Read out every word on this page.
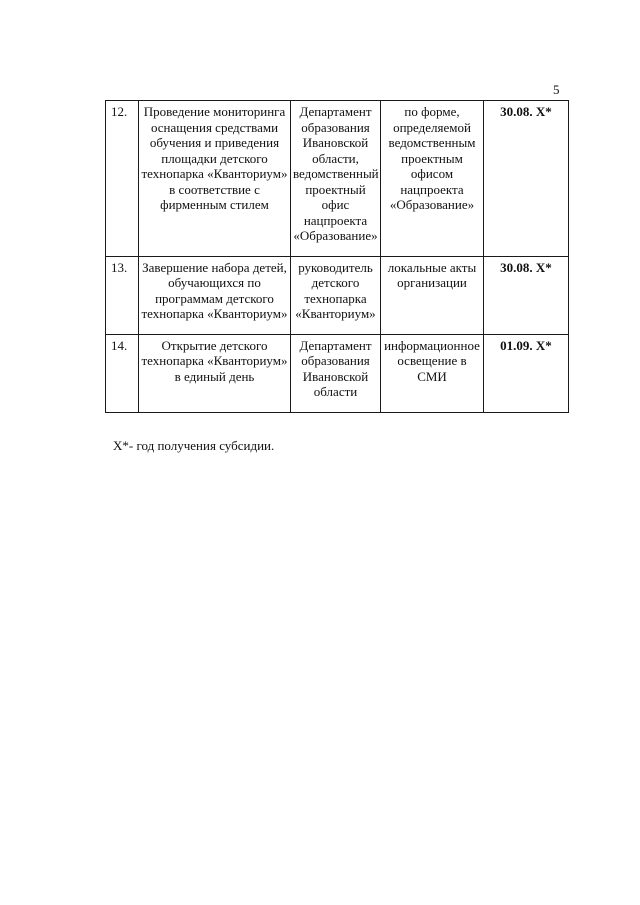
5
12.	Проведение мониторинга оснащения средствами обучения и приведения площадки детского технопарка «Кванториум» в соответствие с фирменным стилем	Департамент образования Ивановской области, ведомственный проектный офис нацпроекта «Образование»	по форме, определяемой ведомственным проектным офисом нацпроекта «Образование»	30.08. Х*
13.	Завершение набора детей, обучающихся по программам детского технопарка «Кванториум»	руководитель детского технопарка «Кванториум»	локальные акты организации	30.08. Х*
14.	Открытие детского технопарка «Кванториум» в единый день	Департамент образования Ивановской области	информационное освещение в СМИ	01.09. Х*
Х*- год получения субсидии.
